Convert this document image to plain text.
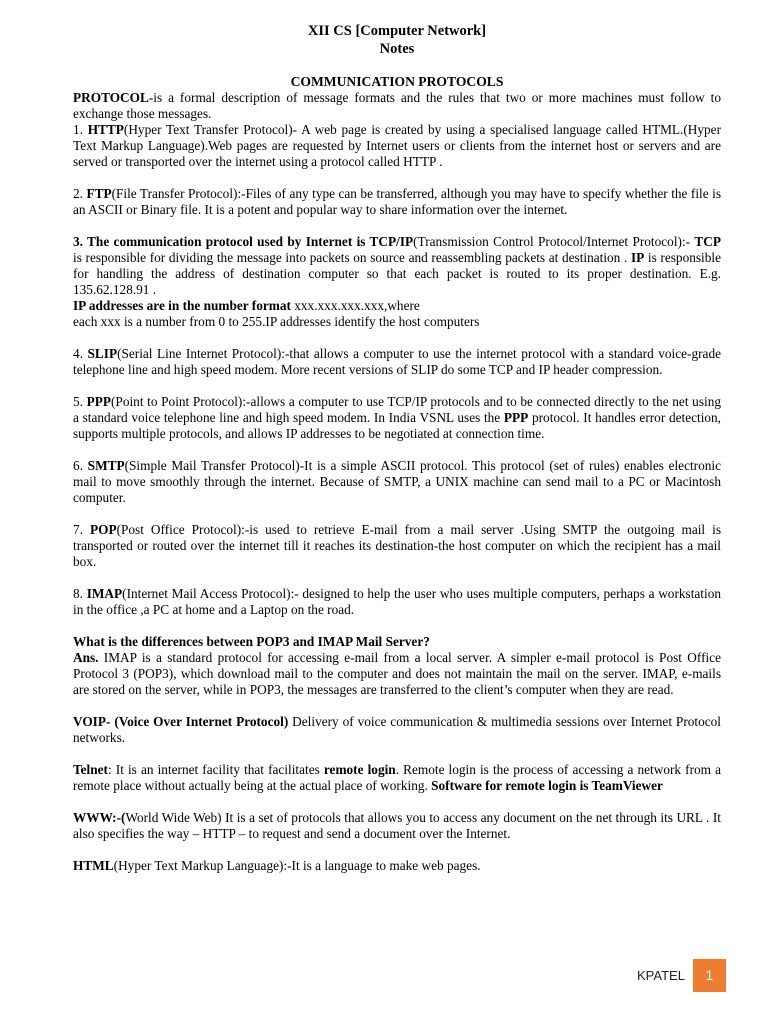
XII CS [Computer Network]
Notes
COMMUNICATION PROTOCOLS

PROTOCOL-is a formal description of message formats and the rules that two or more machines must follow to exchange those messages.

1. HTTP(Hyper Text Transfer Protocol)- A web page is created by using a specialised language called HTML.(Hyper Text Markup Language).Web pages are requested by Internet users or clients from the internet host or servers and are served or transported over the internet using a protocol called HTTP .

2. FTP(File Transfer Protocol):-Files of any type can be transferred, although you may have to specify whether the file is an ASCII or Binary file. It is a potent and popular way to share information over the internet.

3. The communication protocol used by Internet is TCP/IP(Transmission Control Protocol/Internet Protocol):- TCP is responsible for dividing the message into packets on source and reassembling packets at destination . IP is responsible for handling the address of destination computer so that each packet is routed to its proper destination. E.g. 135.62.128.91 .

IP addresses are in the number format xxx.xxx.xxx.xxx,where

each xxx is a number from 0 to 255.IP addresses identify the host computers

4. SLIP(Serial Line Internet Protocol):-that allows a computer to use the internet protocol with a standard voice-grade telephone line and high speed modem. More recent versions of SLIP do some TCP and IP header compression.

5. PPP(Point to Point Protocol):-allows a computer to use TCP/IP protocols and to be connected directly to the net using a standard voice telephone line and high speed modem. In India VSNL uses the PPP protocol. It handles error detection, supports multiple protocols, and allows IP addresses to be negotiated at connection time.

6. SMTP(Simple Mail Transfer Protocol)-It is a simple ASCII protocol. This protocol (set of rules) enables electronic mail to move smoothly through the internet. Because of SMTP, a UNIX machine can send mail to a PC or Macintosh computer.

7. POP(Post Office Protocol):-is used to retrieve E-mail from a mail server .Using SMTP the outgoing mail is transported or routed over the internet till it reaches its destination-the host computer on which the recipient has a mail box.

8. IMAP(Internet Mail Access Protocol):- designed to help the user who uses multiple computers, perhaps a workstation in the office ,a PC at home and a Laptop on the road.

What is the differences between POP3 and IMAP Mail Server?

Ans. IMAP is a standard protocol for accessing e-mail from a local server. A simpler e-mail protocol is Post Office Protocol 3 (POP3), which download mail to the computer and does not maintain the mail on the server. IMAP, e-mails are stored on the server, while in POP3, the messages are transferred to the client’s computer when they are read.

VOIP- (Voice Over Internet Protocol) Delivery of voice communication & multimedia sessions over Internet Protocol networks.

Telnet: It is an internet facility that facilitates remote login. Remote login is the process of accessing a network from a remote place without actually being at the actual place of working. Software for remote login is TeamViewer

WWW:-(World Wide Web) It is a set of protocols that allows you to access any document on the net through its URL . It also specifies the way – HTTP – to request and send a document over the Internet.

HTML(Hyper Text Markup Language):-It is a language to make web pages.

KPATEL	1
